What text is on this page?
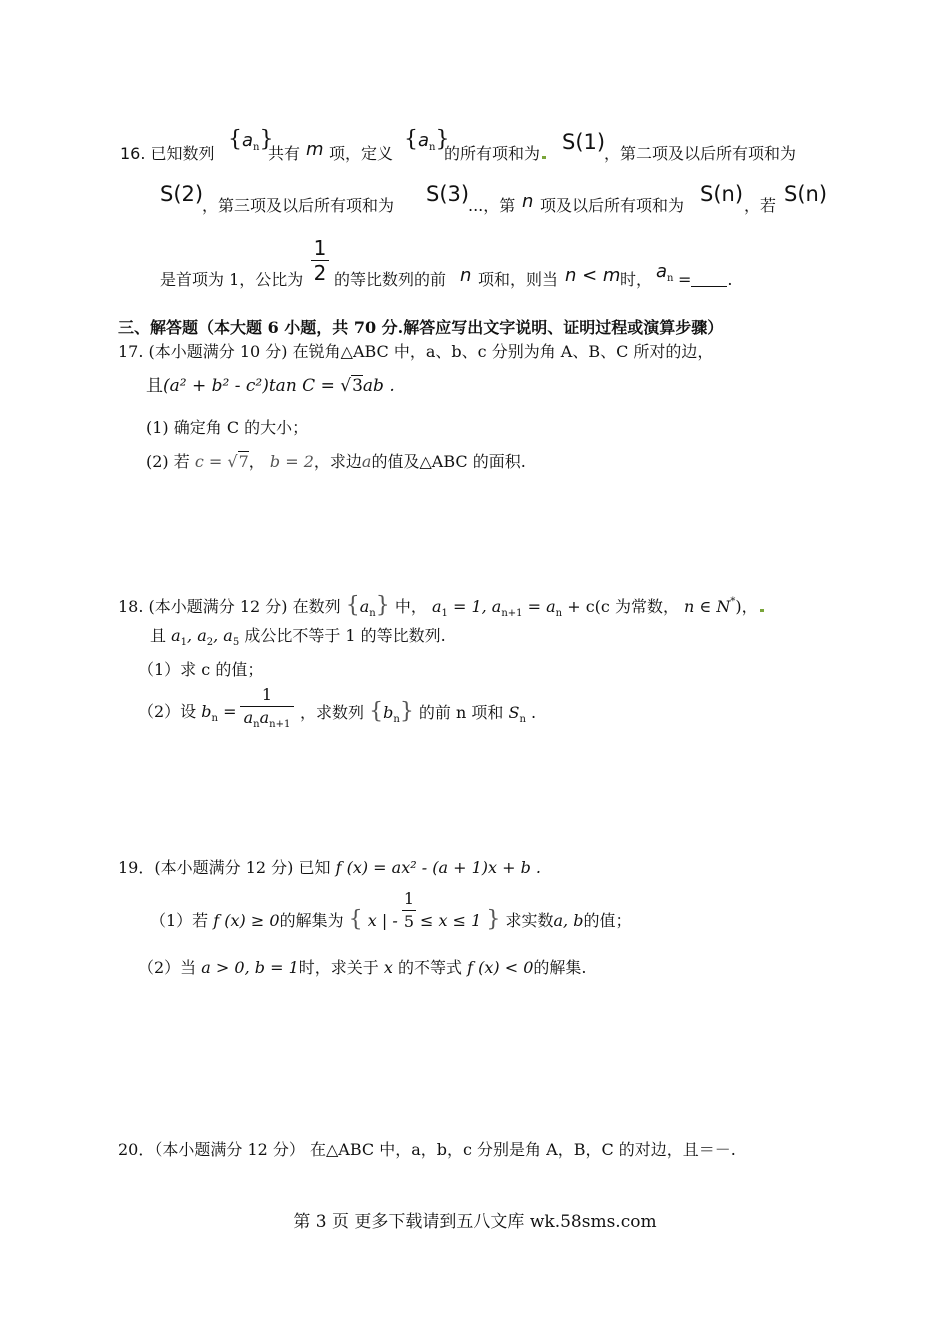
16. 已知数列
$\{a_n\}$
共有 m 项，定义
$\{a_n\}$
的所有项和为 S(1)
，第二项及以后所有项和为
S(2)
，第三项及以后所有项和为 S(3)
...，第 n 项及以后所有项和为 S(n) ，若 S(n)
是首项为 1，公比为
1
2 的等比数列的前 n 项和，则当 n < m 时， $a_n$ = .
三、解答题（本大题 6 小题，共 70 分.解答应写出文字说明、证明过程或演算步骤）
17. (本小题满分 10 分) 在锐角△ABC 中，a、b、c 分别为角 A、B、C 所对的边，
且(a² + b² - c²)tan C = √3ab .
(1) 确定角 C 的大小；
(2) 若 c = √7， b = 2，求边a的值及△ABC 的面积.
18. (本小题满分 12 分) 在数列 $\{a_n\}$ 中， $a_1 = 1$, $a_{n+1} = a_n + c(c$ 为常数， n ∈ N*)，
且 $a_1$, $a_2$, $a_5$ 成公比不等于 1 的等比数列.
（1）求 c 的值；
（2）设 $b_n$ =
1
$a_na_{n+1}$
，求数列 $\{b_n\}$ 的前 n 项和 $S_n$ .
19．(本小题满分 12 分) 已知 f (x) = ax² - (a + 1)x + b .
（1）若 f (x) ≥ 0的解集为 { x | -
1
5 ≤ x ≤ 1 } 求实数a, b的值；
（2）当 a > 0, b = 1时，求关于 x 的不等式 f (x) < 0的解集.
20．（本小题满分 12 分） 在△ABC 中，a，b，c 分别是角 A，B，C 的对边，且＝－.
第 3 页 更多下载请到五八文库 wk.58sms.com
